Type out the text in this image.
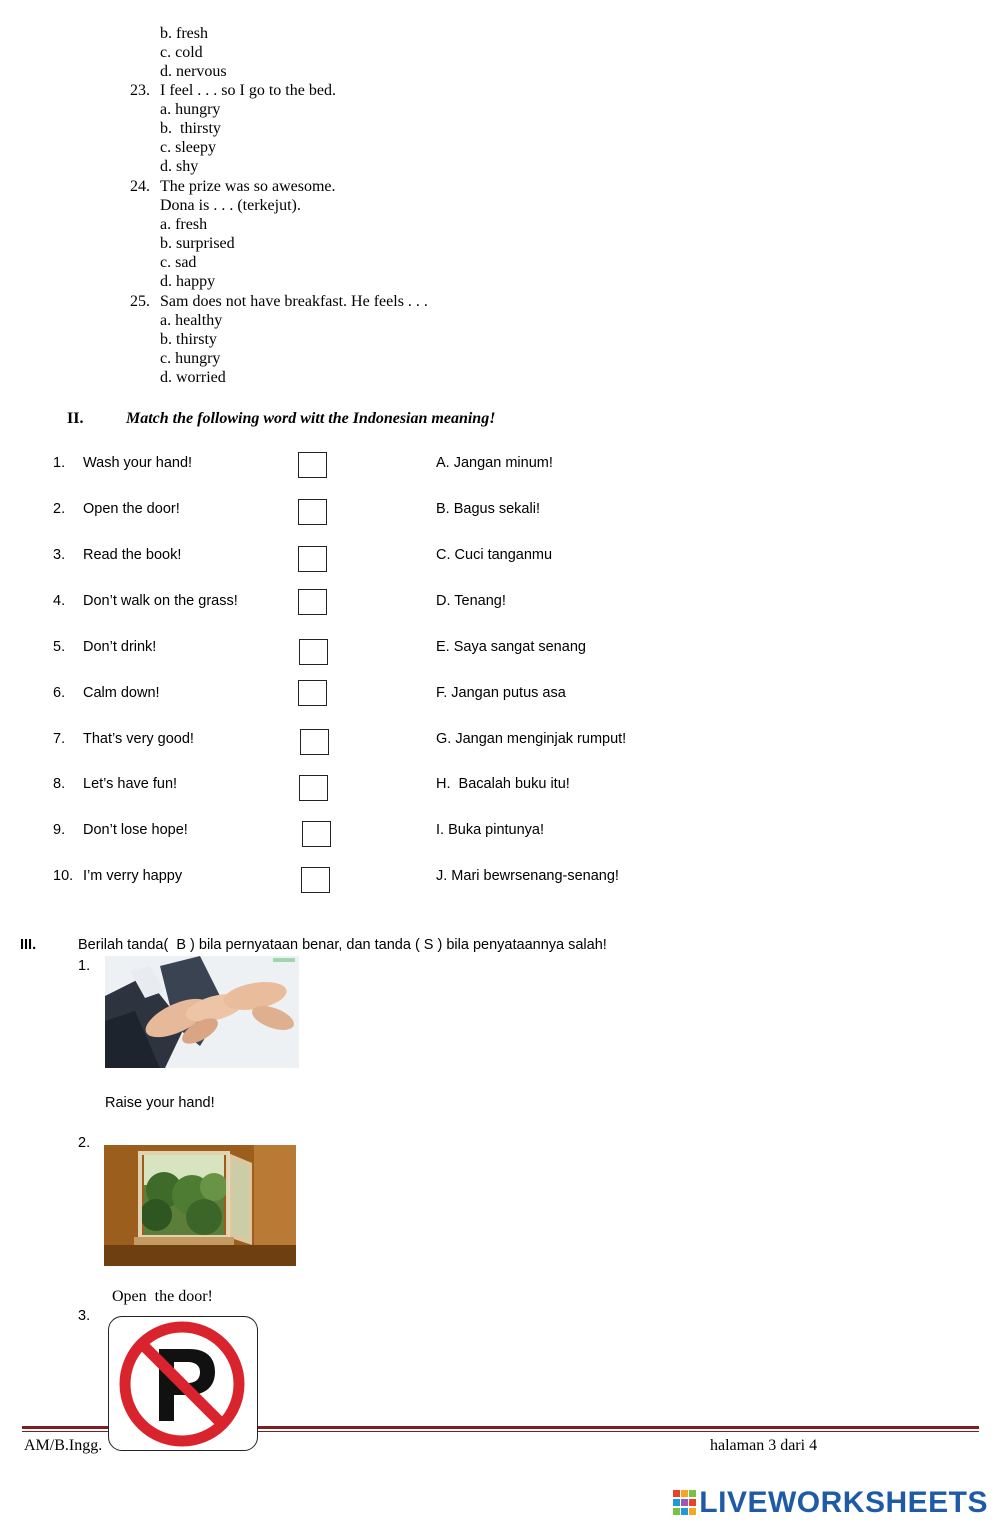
b. fresh
c. cold
d. nervous
23. I feel . . . so I go to the bed.
a. hungry
b.  thirsty
c. sleepy
d. shy
24. The prize was so awesome.
Dona is . . . (terkejut).
a. fresh
b. surprised
c. sad
d. happy
25. Sam does not have breakfast. He feels . . .
a. healthy
b. thirsty
c. hungry
d. worried
II.	Match the following word witt the Indonesian meaning!
1. Wash your hand!	A. Jangan minum!
2. Open the door!	B. Bagus sekali!
3. Read the book!	C. Cuci tanganmu
4. Don’t walk on the grass!	D. Tenang!
5. Don’t drink!	E. Saya sangat senang
6. Calm down!	F. Jangan putus asa
7. That’s very good!	G. Jangan menginjak rumput!
8. Let’s have fun!	H.  Bacalah buku itu!
9. Don’t lose hope!	I. Buka pintunya!
10. I’m verry happy	J. Mari bewrsenang-senang!
III.	Berilah tanda(  B ) bila pernyataan benar, dan tanda ( S ) bila penyataannya salah!
1.
Raise your hand!
2.
3.
Open  the door!
AM/B.Ingg.	halaman 3 dari 4
LIVEWORKSHEETS
